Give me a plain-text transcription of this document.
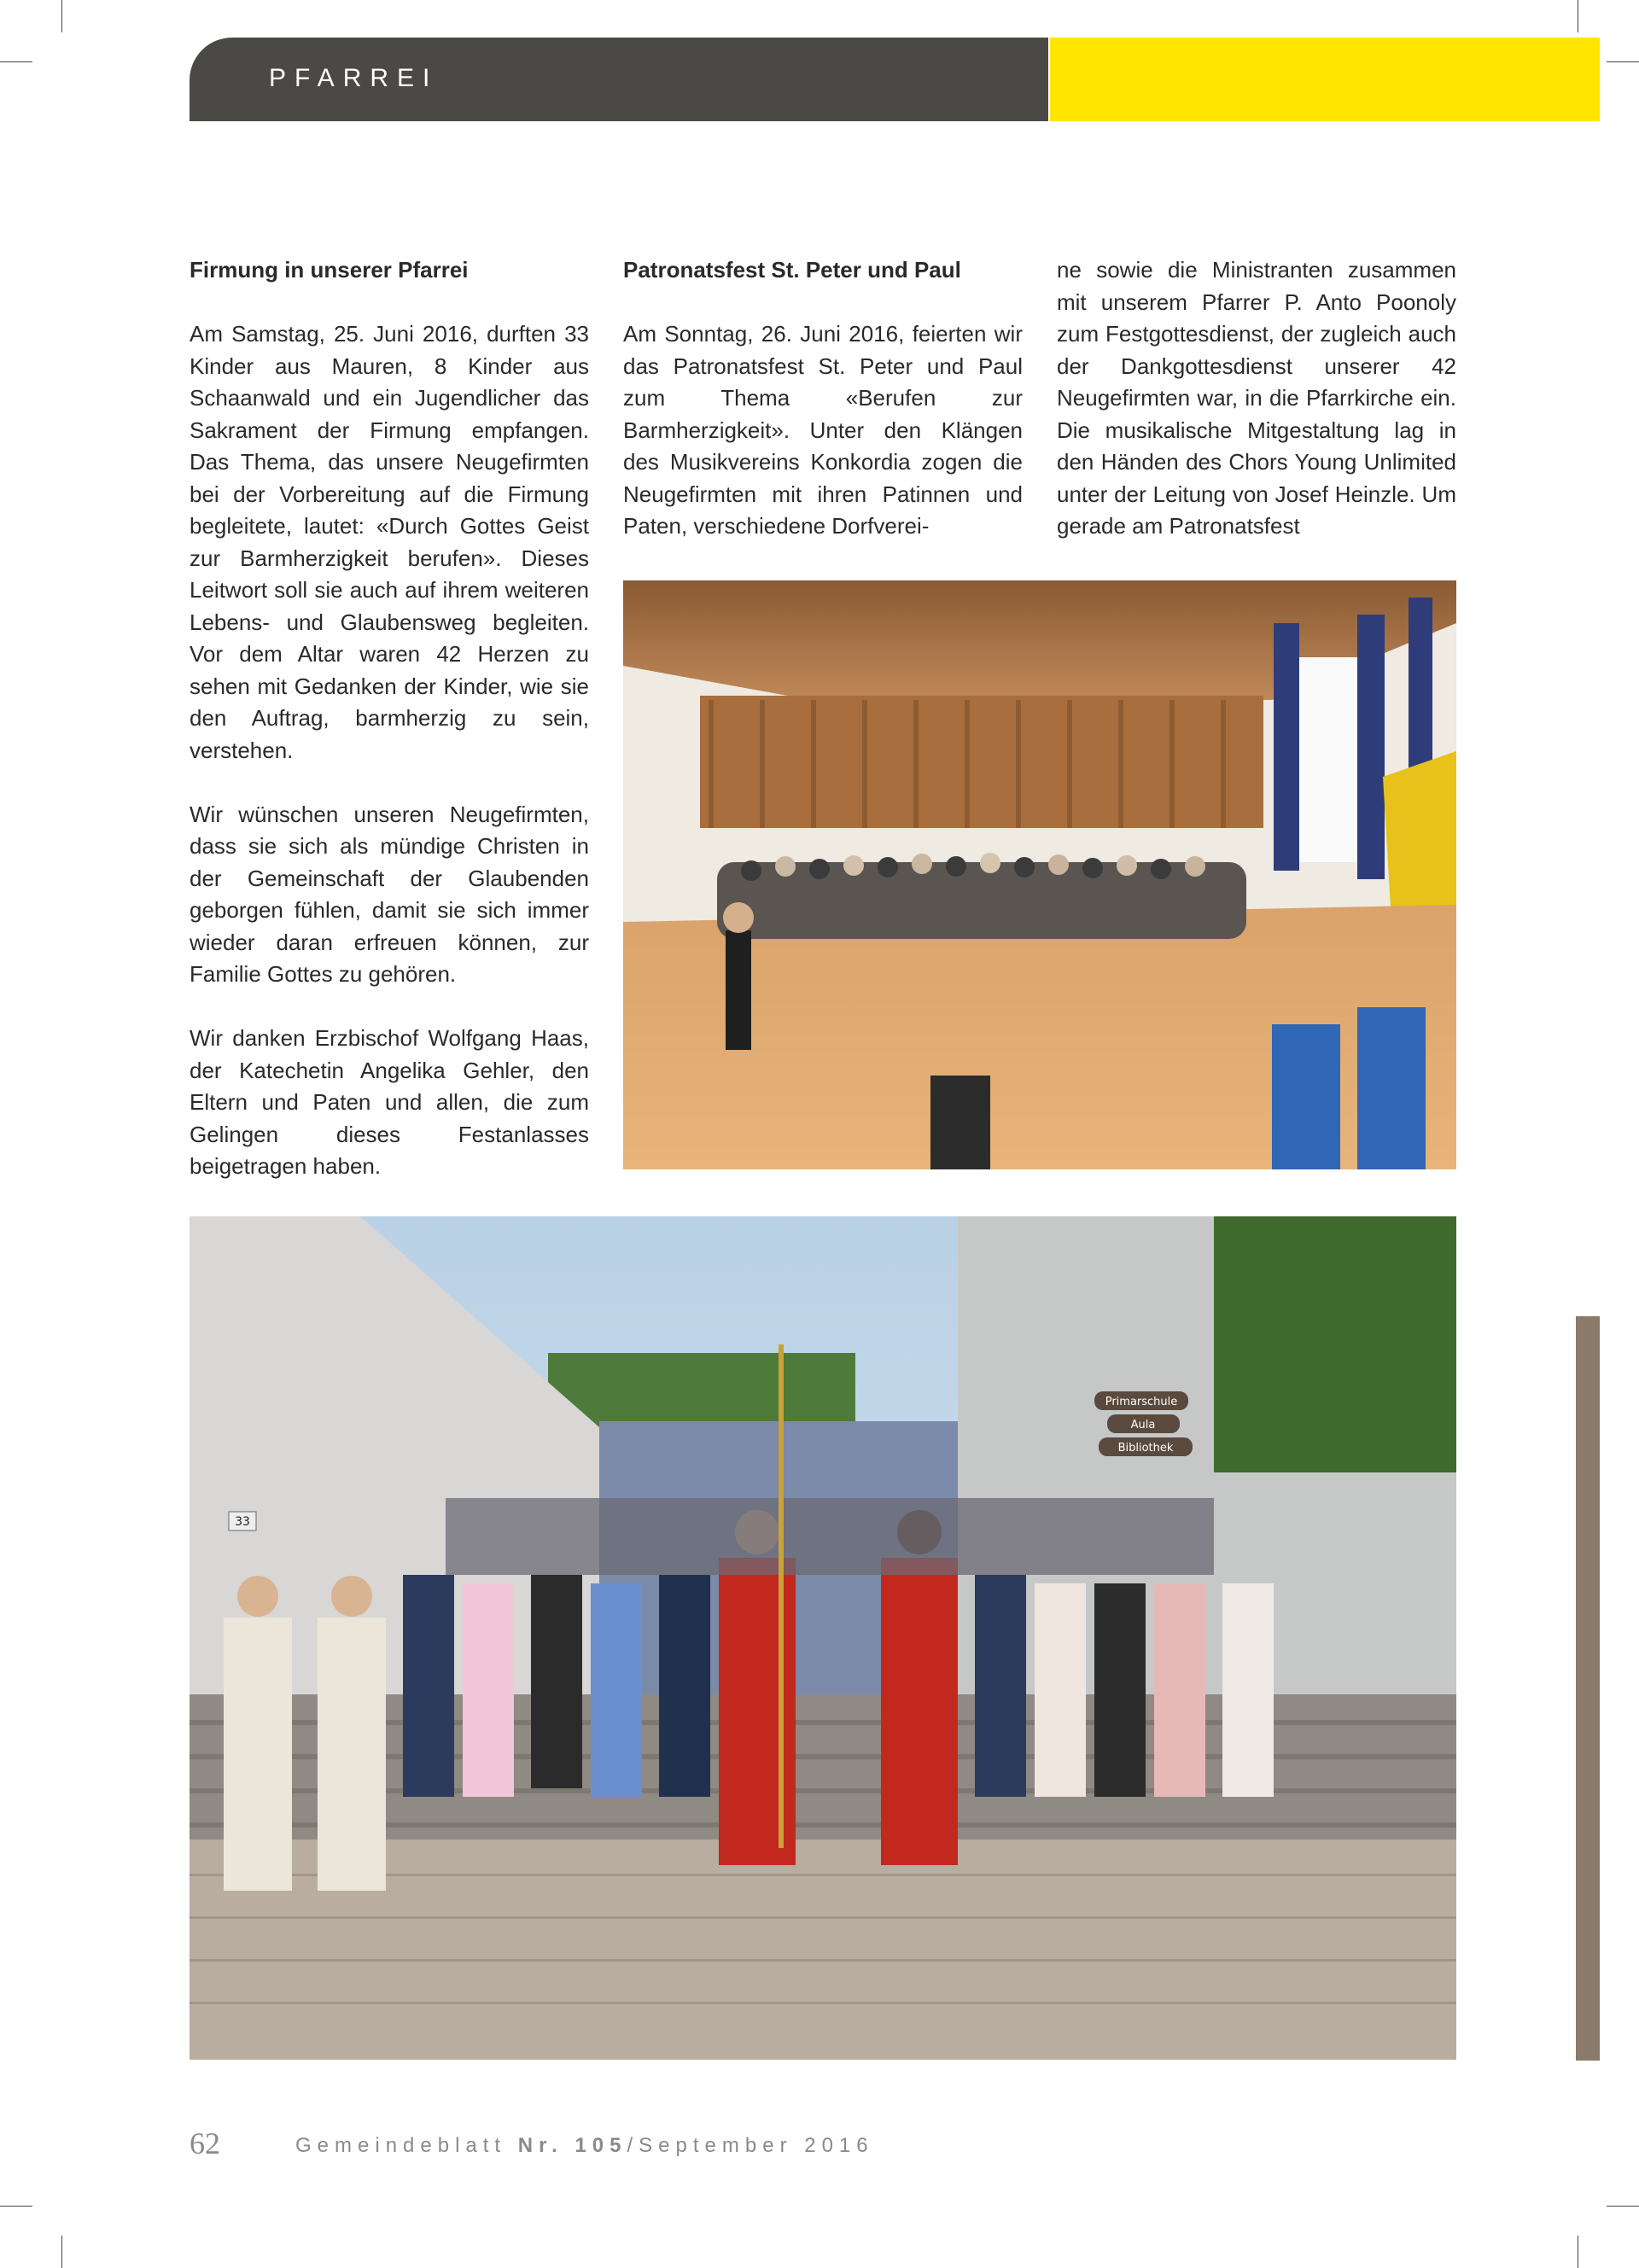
PFARREI
Firmung in unserer Pfarrei

Am Samstag, 25. Juni 2016, durften 33 Kinder aus Mauren, 8 Kinder aus Schaanwald und ein Jugendlicher das Sakrament der Firmung empfangen. Das Thema, das unsere Neugefirmten bei der Vorbereitung auf die Firmung begleitete, lautet: «Durch Gottes Geist zur Barmherzigkeit berufen». Dieses Leitwort soll sie auch auf ihrem weiteren Lebens- und Glaubensweg begleiten. Vor dem Altar waren 42 Herzen zu sehen mit Gedanken der Kinder, wie sie den Auftrag, barmherzig zu sein, verstehen.

Wir wünschen unseren Neugefirmten, dass sie sich als mündige Christen in der Gemeinschaft der Glaubenden geborgen fühlen, damit sie sich immer wieder daran erfreuen können, zur Familie Gottes zu gehören.

Wir danken Erzbischof Wolfgang Haas, der Katechetin Angelika Gehler, den Eltern und Paten und allen, die zum Gelingen dieses Festanlasses beigetragen haben.

Patronatsfest St. Peter und Paul

Am Sonntag, 26. Juni 2016, feierten wir das Patronatsfest St. Peter und Paul zum Thema «Berufen zur Barmherzigkeit». Unter den Klängen des Musikvereins Konkordia zogen die Neugefirmten mit ihren Patinnen und Paten, verschiedene Dorfverei-

ne sowie die Ministranten zusammen mit unserem Pfarrer P. Anto Poonoly zum Festgottesdienst, der zugleich auch der Dankgottesdienst unserer 42 Neugefirmten war, in die Pfarrkirche ein. Die musikalische Mitgestaltung lag in den Händen des Chors Young Unlimited unter der Leitung von Josef Heinzle. Um gerade am Patronatsfest

Primarschule
Aula
Bibliothek
33
62	Gemeindeblatt Nr. 105/September 2016
